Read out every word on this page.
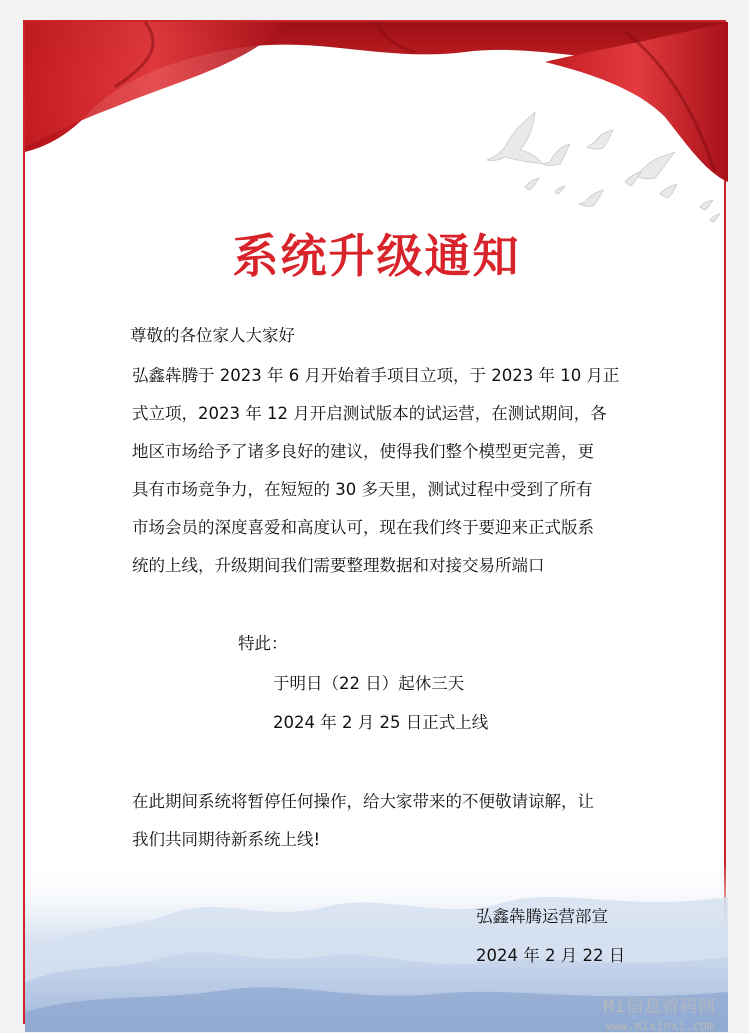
系统升级通知
尊敬的各位家人大家好
弘鑫犇腾于 2023 年 6 月开始着手项目立项，于 2023 年 10 月正
式立项，2023 年 12 月开启测试版本的试运营，在测试期间，各
地区市场给予了诸多良好的建议，使得我们整个模型更完善，更
具有市场竞争力，在短短的 30 多天里，测试过程中受到了所有
市场会员的深度喜爱和高度认可，现在我们终于要迎来正式版系
统的上线，升级期间我们需要整理数据和对接交易所端口
特此：
于明日（22 日）起休三天
2024 年 2 月 25 日正式上线
在此期间系统将暂停任何操作，给大家带来的不便敬请谅解，让
我们共同期待新系统上线!
弘鑫犇腾运营部宣
2024 年 2 月 22 日
Mi信息首码网
www.mixinxi.com
